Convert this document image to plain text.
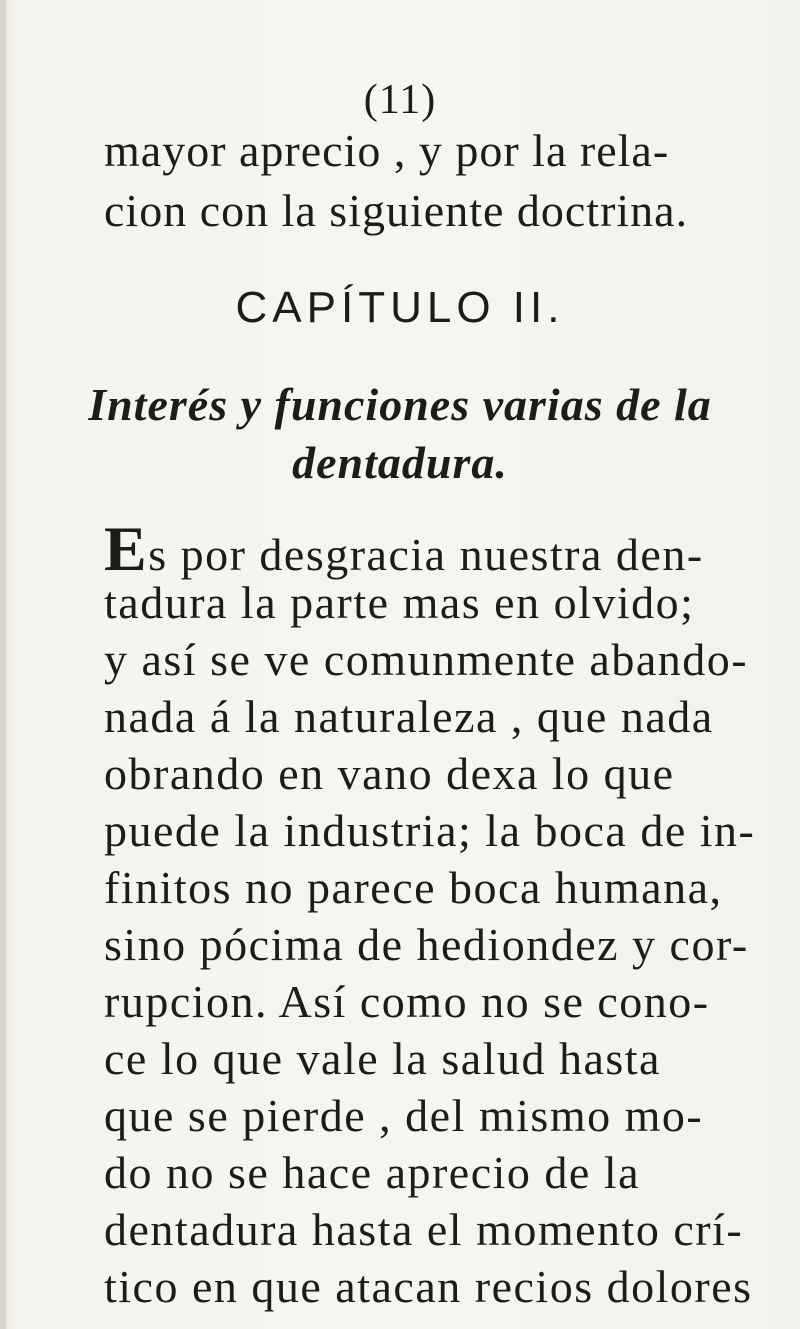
(11)
mayor aprecio , y por la rela-
cion con la siguiente doctrina.
CAPÍTULO II.
Interés y funciones varias de la
dentadura.
Es por desgracia nuestra den-
tadura la parte mas en olvido;
y así se ve comunmente abando-
nada á la naturaleza , que nada
obrando en vano dexa lo que
puede la industria; la boca de in-
finitos no parece boca humana,
sino pócima de hediondez y cor-
rupcion. Así como no se cono-
ce lo que vale la salud hasta
que se pierde , del mismo mo-
do no se hace aprecio de la
dentadura hasta el momento crí-
tico en que atacan recios dolores
